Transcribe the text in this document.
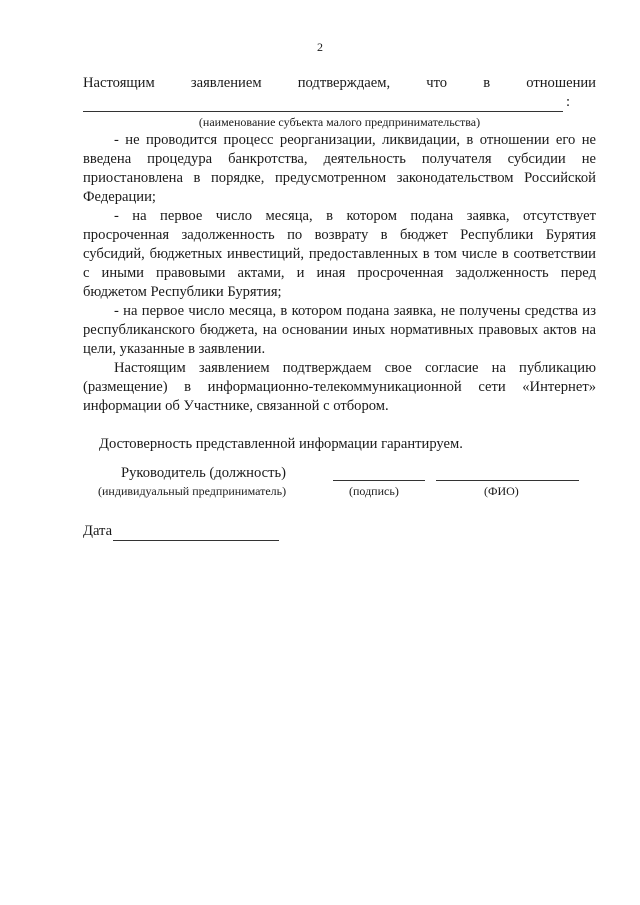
2

Настоящим заявлением подтверждаем, что в отношении

:
(наименование субъекта малого предпринимательства)

- не проводится процесс реорганизации, ликвидации, в отношении его не введена процедура банкротства, деятельность получателя субсидии не приостановлена в порядке, предусмотренном законодательством Российской Федерации;

- на первое число месяца, в котором подана заявка, отсутствует просроченная задолженность по возврату в бюджет Республики Бурятия субсидий, бюджетных инвестиций, предоставленных в том числе в соответствии с иными правовыми актами, и иная просроченная задолженность перед бюджетом Республики Бурятия;

- на первое число месяца, в котором подана заявка, не получены средства из республиканского бюджета, на основании иных нормативных правовых актов на цели, указанные в заявлении.

Настоящим заявлением подтверждаем свое согласие на публикацию (размещение) в информационно-телекоммуникационной сети «Интернет» информации об Участнике, связанной с отбором.

Достоверность представленной информации гарантируем.

Руководитель (должность)
(индивидуальный предприниматель)	(подпись)	(ФИО)
Дата
